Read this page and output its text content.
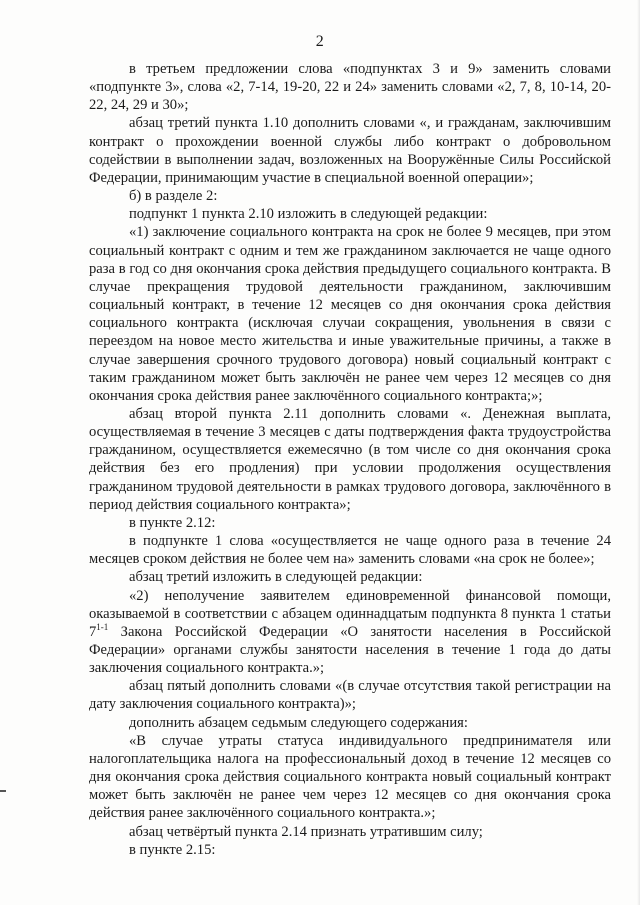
2

в третьем предложении слова «подпунктах 3 и 9» заменить словами «подпункте 3», слова «2, 7-14, 19-20, 22 и 24» заменить словами «2, 7, 8, 10-14, 20-22, 24, 29 и 30»;

абзац третий пункта 1.10 дополнить словами «, и гражданам, заключившим контракт о прохождении военной службы либо контракт о добровольном содействии в выполнении задач, возложенных на Вооружённые Силы Российской Федерации, принимающим участие в специальной военной операции»;

б) в разделе 2:

подпункт 1 пункта 2.10 изложить в следующей редакции:

«1) заключение социального контракта на срок не более 9 месяцев, при этом социальный контракт с одним и тем же гражданином заключается не чаще одного раза в год со дня окончания срока действия предыдущего социального контракта. В случае прекращения трудовой деятельности гражданином, заключившим социальный контракт, в течение 12 месяцев со дня окончания срока действия социального контракта (исключая случаи сокращения, увольнения в связи с переездом на новое место жительства и иные уважительные причины, а также в случае завершения срочного трудового договора) новый социальный контракт с таким гражданином может быть заключён не ранее чем через 12 месяцев со дня окончания срока действия ранее заключённого социального контракта;»;

абзац второй пункта 2.11 дополнить словами «. Денежная выплата, осуществляемая в течение 3 месяцев с даты подтверждения факта трудоустройства гражданином, осуществляется ежемесячно (в том числе со дня окончания срока действия без его продления) при условии продолжения осуществления гражданином трудовой деятельности в рамках трудового договора, заключённого в период действия социального контракта»;

в пункте 2.12:

в подпункте 1 слова «осуществляется не чаще одного раза в течение 24 месяцев сроком действия не более чем на» заменить словами «на срок не более»;

абзац третий изложить в следующей редакции:

«2) неполучение заявителем единовременной финансовой помощи, оказываемой в соответствии с абзацем одиннадцатым подпункта 8 пункта 1 статьи 7$^{1-1}$ Закона Российской Федерации «О занятости населения в Российской Федерации» органами службы занятости населения в течение 1 года до даты заключения социального контракта.»;

абзац пятый дополнить словами «(в случае отсутствия такой регистрации на дату заключения социального контракта)»;

дополнить абзацем седьмым следующего содержания:

«В случае утраты статуса индивидуального предпринимателя или налогоплательщика налога на профессиональный доход в течение 12 месяцев со дня окончания срока действия социального контракта новый социальный контракт может быть заключён не ранее чем через 12 месяцев со дня окончания срока действия ранее заключённого социального контракта.»;

абзац четвёртый пункта 2.14 признать утратившим силу;

в пункте 2.15:
